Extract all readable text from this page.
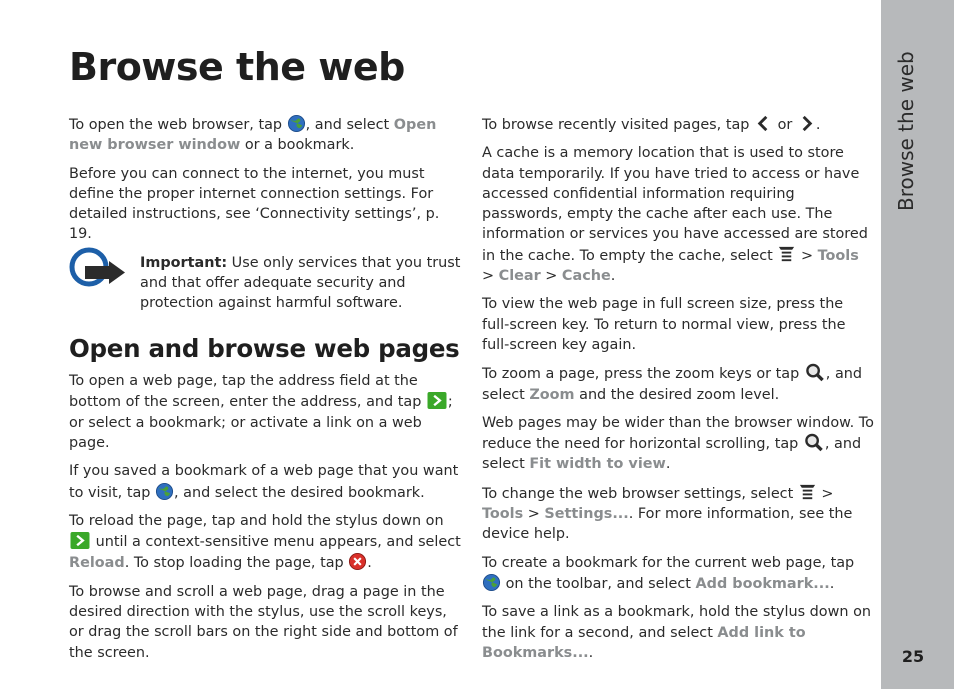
Browse the web

To open the web browser, tap
, and select Open new browser window or a bookmark.

Before you can connect to the internet, you must define the proper internet connection settings. For detailed instructions, see ‘Connectivity settings’, p. 19.

Important: Use only services that you trust and that offer adequate security and protection against harmful software.
Open and browse web pages

To open a web page, tap the address field at the bottom of the screen, enter the address, and tap
; or select a bookmark; or activate a link on a web page.

If you saved a bookmark of a web page that you want to visit, tap
, and select the desired bookmark.

To reload the page, tap and hold the stylus down on
until a context-sensitive menu appears, and select Reload. To stop loading the page, tap
.

To browse and scroll a web page, drag a page in the desired direction with the stylus, use the scroll keys, or drag the scroll bars on the right side and bottom of the screen.

To browse recently visited pages, tap
or
.

A cache is a memory location that is used to store data temporarily. If you have tried to access or have accessed confidential information requiring passwords, empty the cache after each use. The information or services you have accessed are stored in the cache. To empty the cache, select
> Tools > Clear > Cache.

To view the web page in full screen size, press the full-screen key. To return to normal view, press the full-screen key again.

To zoom a page, press the zoom keys or tap
, and select Zoom and the desired zoom level.

Web pages may be wider than the browser window. To reduce the need for horizontal scrolling, tap
, and select Fit width to view.

To change the web browser settings, select
> Tools > Settings.... For more information, see the device help.

To create a bookmark for the current web page, tap
on the toolbar, and select Add bookmark....

To save a link as a bookmark, hold the stylus down on the link for a second, and select Add link to Bookmarks....

Browse the web
25
